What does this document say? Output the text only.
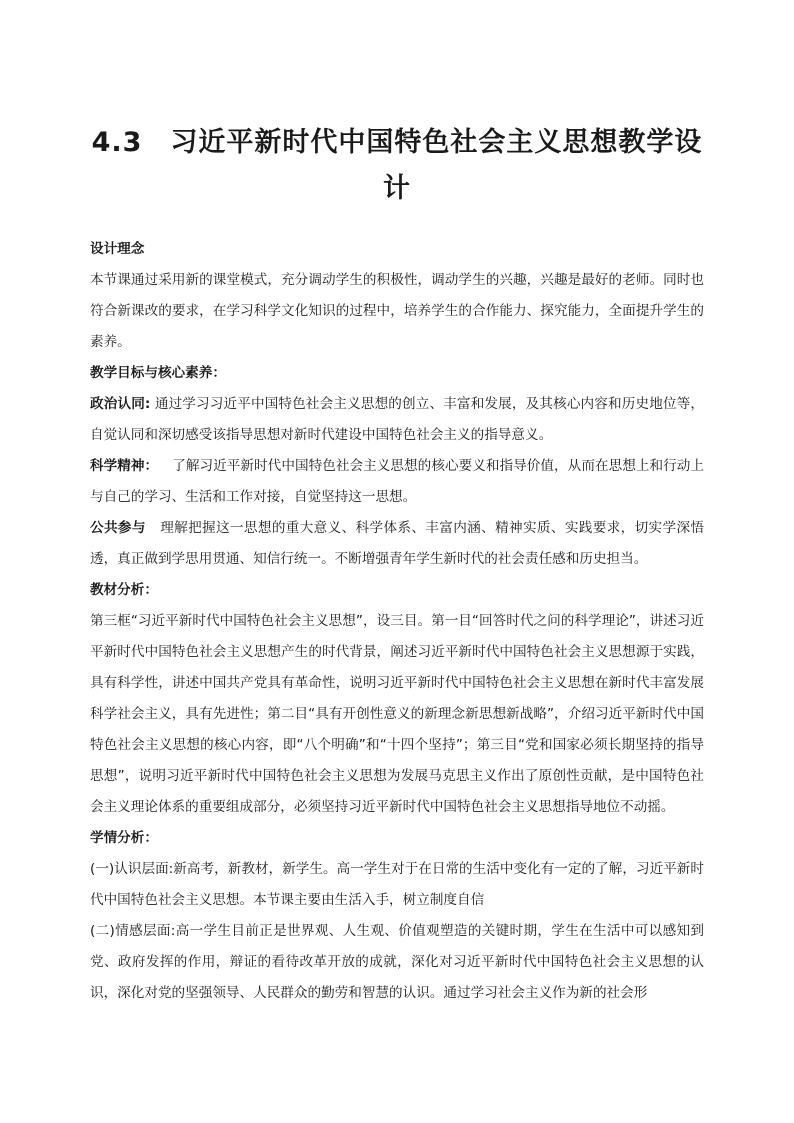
4.3 习近平新时代中国特色社会主义思想教学设计

设计理念

本节课通过采用新的课堂模式，充分调动学生的积极性，调动学生的兴趣，兴趣是最好的老师。同时也符合新课改的要求，在学习科学文化知识的过程中，培养学生的合作能力、探究能力，全面提升学生的素养。

教学目标与核心素养：

政治认同: 通过学习习近平中国特色社会主义思想的创立、丰富和发展，及其核心内容和历史地位等，自觉认同和深切感受该指导思想对新时代建设中国特色社会主义的指导意义。

科学精神： 了解习近平新时代中国特色社会主义思想的核心要义和指导价值，从而在思想上和行动上与自己的学习、生活和工作对接，自觉坚持这一思想。

公共参与 理解把握这一思想的重大意义、科学体系、丰富内涵、精神实质、实践要求，切实学深悟透，真正做到学思用贯通、知信行统一。不断增强青年学生新时代的社会责任感和历史担当。

教材分析：

第三框“习近平新时代中国特色社会主义思想”，设三目。第一目“回答时代之问的科学理论”，讲述习近平新时代中国特色社会主义思想产生的时代背景，阐述习近平新时代中国特色社会主义思想源于实践，具有科学性，讲述中国共产党具有革命性，说明习近平新时代中国特色社会主义思想在新时代丰富发展科学社会主义，具有先进性；第二目“具有开创性意义的新理念新思想新战略”，介绍习近平新时代中国特色社会主义思想的核心内容，即“八个明确”和“十四个坚持”；第三目“党和国家必须长期坚持的指导思想”，说明习近平新时代中国特色社会主义思想为发展马克思主义作出了原创性贡献，是中国特色社会主义理论体系的重要组成部分，必须坚持习近平新时代中国特色社会主义思想指导地位不动摇。

学情分析：

(一)认识层面:新高考，新教材，新学生。高一学生对于在日常的生活中变化有一定的了解，习近平新时代中国特色社会主义思想。本节课主要由生活入手，树立制度自信

(二)情感层面:高一学生目前正是世界观、人生观、价值观塑造的关键时期，学生在生活中可以感知到党、政府发挥的作用，辩证的看待改革开放的成就，深化对习近平新时代中国特色社会主义思想的认识，深化对党的坚强领导、人民群众的勤劳和智慧的认识。通过学习社会主义作为新的社会形
